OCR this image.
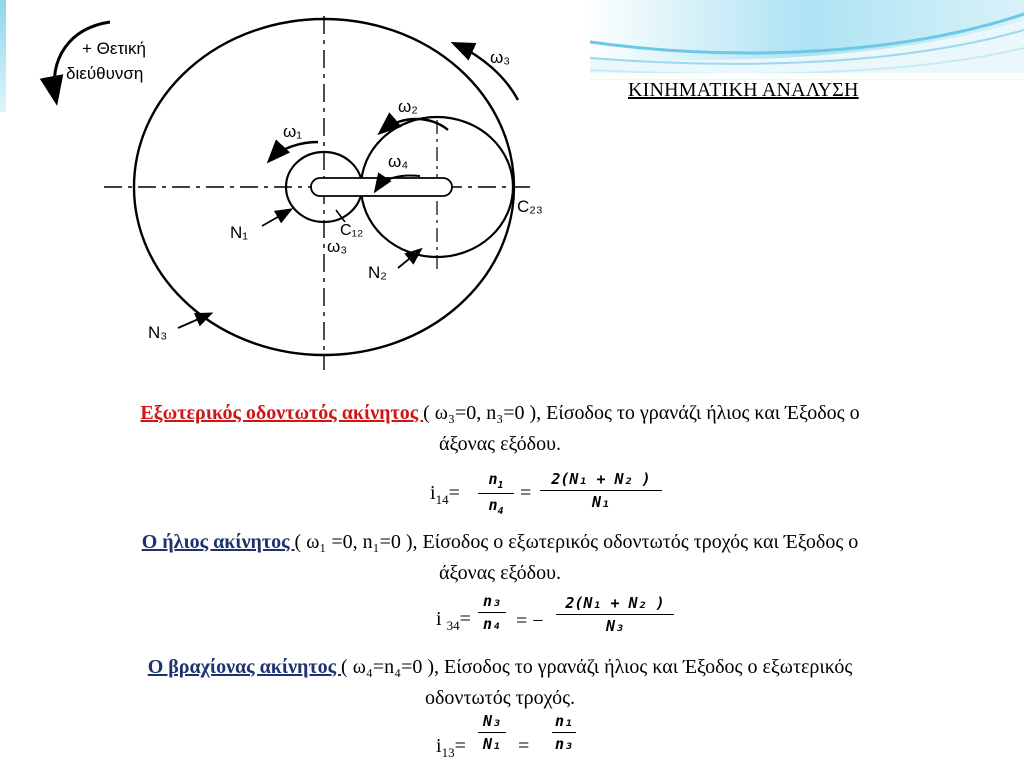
ΚΙΝΗΜΑΤΙΚΗ ΑΝΑΛΥΣΗ
+ Θετική
διεύθυνση
ω₃
ω₂
ω₁
ω₄
C₂₃
C₁₂
ω₃
N₁
N₂
N₃
Εξωτερικός οδοντωτός ακίνητος ( ω₃=0, n₃=0 ), Είσοδος το γρανάζι ήλιος και Έξοδος ο άξονας εξόδου.
$i_{14}=$
$n_1$
$n_4$
=
2(N₁ + N₂ )
N₁
Ο ήλιος ακίνητος ( ω₁ =0, n₁=0 ), Είσοδος ο εξωτερικός οδοντωτός τροχός και Έξοδος ο άξονας εξόδου.
i $_{34}$=
n₃
n₄ = −
2(N₁ + N₂ )
N₃
Ο βραχίονας ακίνητος ( ω₄=n₄=0 ), Είσοδος το γρανάζι ήλιος και Έξοδος ο εξωτερικός οδοντωτός τροχός.
$i_{13}=$
N₃
N₁ =
n₁
n₃
